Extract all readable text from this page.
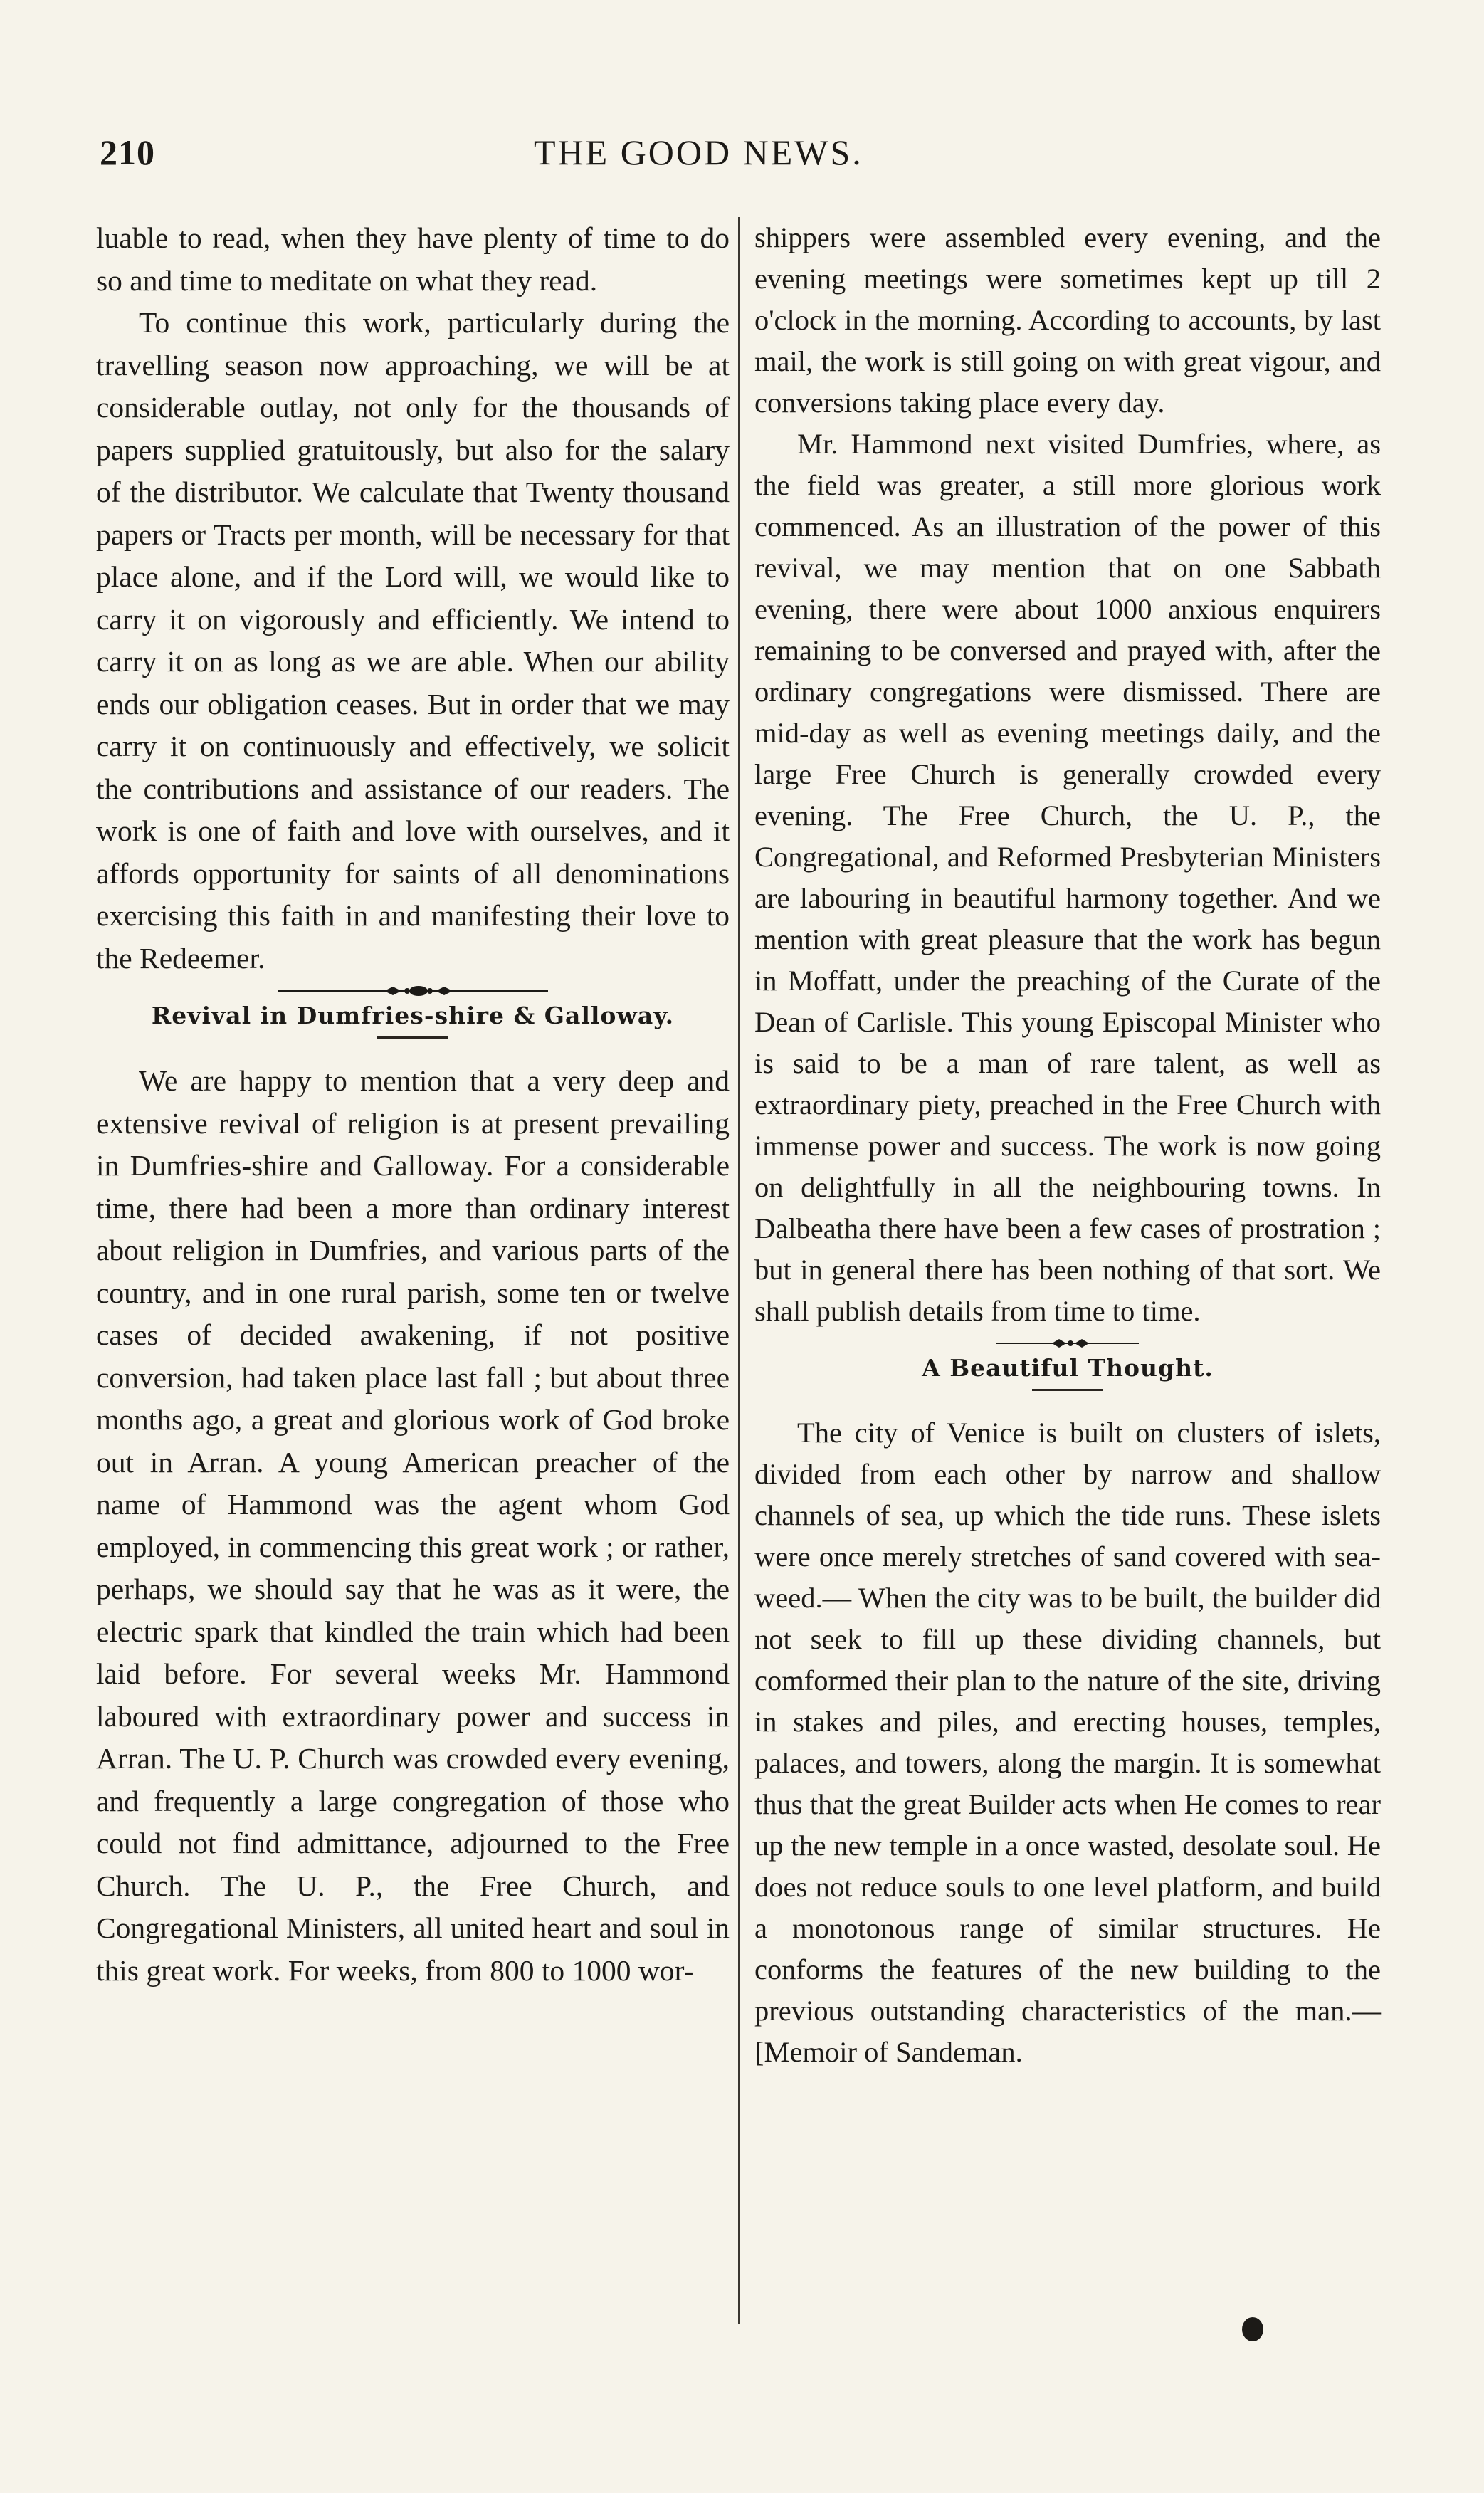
210	THE GOOD NEWS.

luable to read, when they have plenty of time to do so and time to meditate on what they read.

To continue this work, particularly during the travelling season now approaching, we will be at considerable outlay, not only for the thousands of papers supplied gratuitously, but also for the salary of the distributor. We calculate that Twenty thousand papers or Tracts per month, will be necessary for that place alone, and if the Lord will, we would like to carry it on vigorously and efficiently. We intend to carry it on as long as we are able. When our ability ends our obligation ceases. But in order that we may carry it on continuously and effectively, we solicit the contributions and assistance of our readers. The work is one of faith and love with ourselves, and it affords opportunity for saints of all denominations exercising this faith in and manifesting their love to the Redeemer.

Revival in Dumfries-shire & Galloway.

We are happy to mention that a very deep and extensive revival of religion is at present prevailing in Dumfries-shire and Galloway. For a considerable time, there had been a more than ordinary interest about religion in Dumfries, and various parts of the country, and in one rural parish, some ten or twelve cases of decided awakening, if not positive conversion, had taken place last fall ; but about three months ago, a great and glorious work of God broke out in Arran. A young American preacher of the name of Hammond was the agent whom God employed, in commencing this great work ; or rather, perhaps, we should say that he was as it were, the electric spark that kindled the train which had been laid before. For several weeks Mr. Hammond laboured with extraordinary power and success in Arran. The U. P. Church was crowded every evening, and frequently a large congregation of those who could not find admittance, adjourned to the Free Church. The U. P., the Free Church, and Congregational Ministers, all united heart and soul in this great work. For weeks, from 800 to 1000 wor-

shippers were assembled every evening, and the evening meetings were sometimes kept up till 2 o'clock in the morning. According to accounts, by last mail, the work is still going on with great vigour, and conversions taking place every day.

Mr. Hammond next visited Dumfries, where, as the field was greater, a still more glorious work commenced. As an illustration of the power of this revival, we may mention that on one Sabbath evening, there were about 1000 anxious enquirers remaining to be conversed and prayed with, after the ordinary congregations were dismissed. There are mid-day as well as evening meetings daily, and the large Free Church is generally crowded every evening. The Free Church, the U. P., the Congregational, and Reformed Presbyterian Ministers are labouring in beautiful harmony together. And we mention with great pleasure that the work has begun in Moffatt, under the preaching of the Curate of the Dean of Carlisle. This young Episcopal Minister who is said to be a man of rare talent, as well as extraordinary piety, preached in the Free Church with immense power and success. The work is now going on delightfully in all the neighbouring towns. In Dalbeatha there have been a few cases of prostration ; but in general there has been nothing of that sort. We shall publish details from time to time.

A Beautiful Thought.

The city of Venice is built on clusters of islets, divided from each other by narrow and shallow channels of sea, up which the tide runs. These islets were once merely stretches of sand covered with sea-weed.— When the city was to be built, the builder did not seek to fill up these dividing channels, but comformed their plan to the nature of the site, driving in stakes and piles, and erecting houses, temples, palaces, and towers, along the margin. It is somewhat thus that the great Builder acts when He comes to rear up the new temple in a once wasted, desolate soul. He does not reduce souls to one level platform, and build a monotonous range of similar structures. He conforms the features of the new building to the previous outstanding characteristics of the man.—[Memoir of Sandeman.
